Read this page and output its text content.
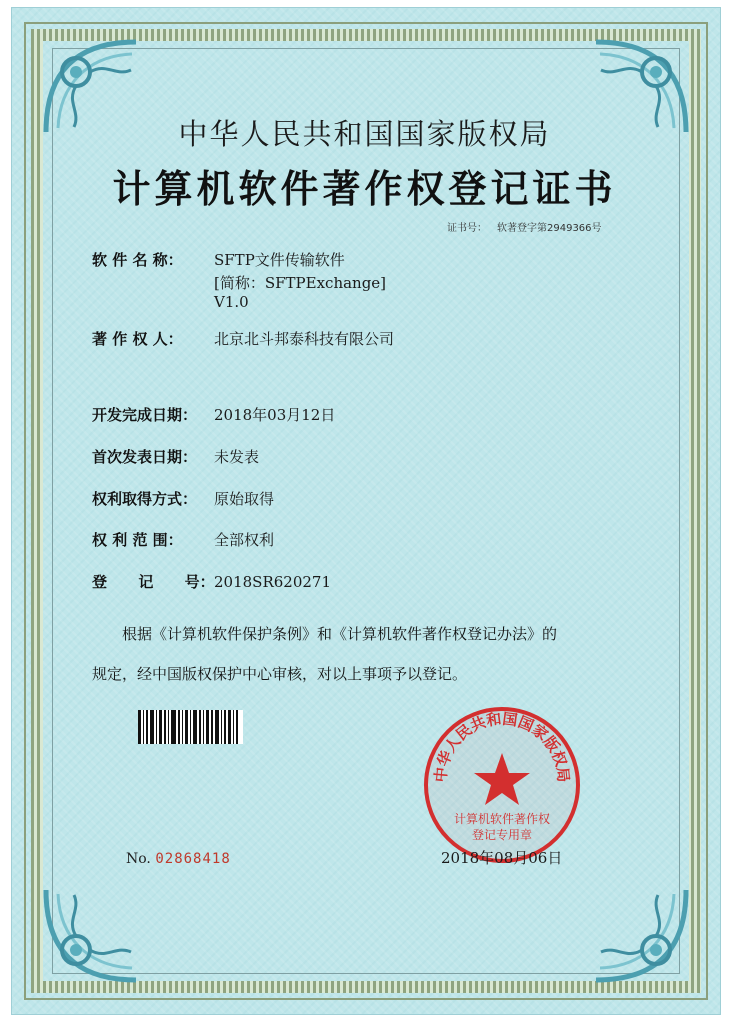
中华人民共和国国家版权局
计算机软件著作权登记证书
证书号： 软著登字第2949366号
软 件 名 称： SFTP文件传输软件
[简称：SFTPExchange]
V1.0
著 作 权 人： 北京北斗邦泰科技有限公司
开发完成日期： 2018年03月12日
首次发表日期： 未发表
权利取得方式： 原始取得
权 利 范 围： 全部权利
登      记      号：2018SR620271
根据《计算机软件保护条例》和《计算机软件著作权登记办法》的
规定，经中国版权保护中心审核，对以上事项予以登记。
No. 02868418
中华人民共和国国家版权局
计算机软件著作权
登记专用章
2018年08月06日
